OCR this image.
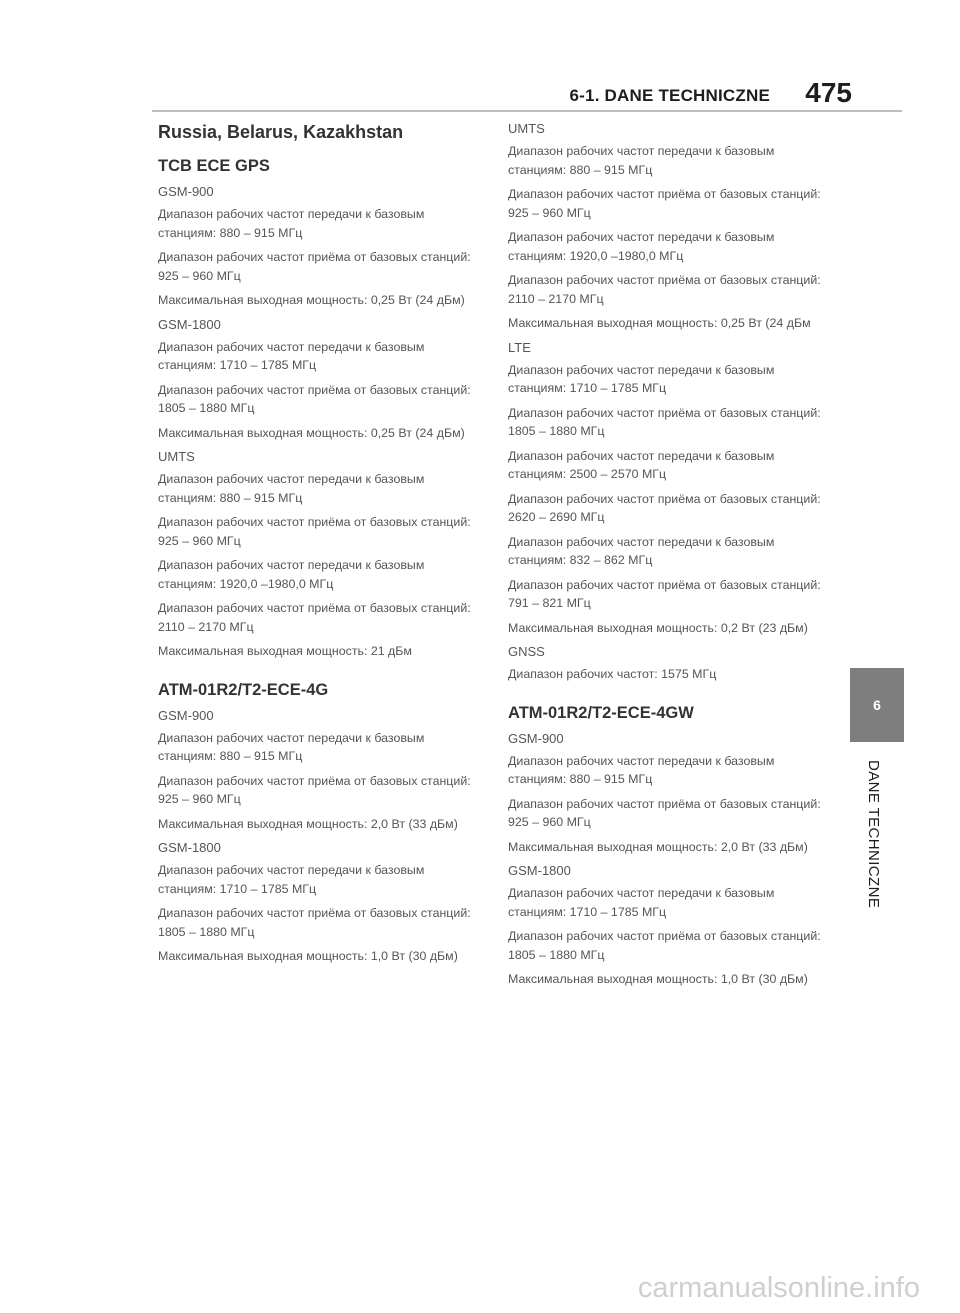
6-1. DANE TECHNICZNE 475
Russia, Belarus, Kazakhstan
TCB ECE GPS
GSM-900
Диапазон рабочих частот передачи к базовым станциям: 880 – 915 МГц
Диапазон рабочих частот приёма от базовых станций: 925 – 960 МГц
Максимальная выходная мощность: 0,25 Вт (24 дБм)
GSM-1800
Диапазон рабочих частот передачи к базовым станциям: 1710 – 1785 МГц
Диапазон рабочих частот приёма от базовых станций: 1805 – 1880 МГц
Максимальная выходная мощность: 0,25 Вт (24 дБм)
UMTS
Диапазон рабочих частот передачи к базовым станциям: 880 – 915 МГц
Диапазон рабочих частот приёма от базовых станций: 925 – 960 МГц
Диапазон рабочих частот передачи к базовым станциям: 1920,0 –1980,0 МГц
Диапазон рабочих частот приёма от базовых станций: 2110 – 2170 МГц
Максимальная выходная мощность: 21 дБм
ATM-01R2/T2-ECE-4G
GSM-900
Диапазон рабочих частот передачи к базовым станциям: 880 – 915 МГц
Диапазон рабочих частот приёма от базовых станций: 925 – 960 МГц
Максимальная выходная мощность: 2,0 Вт (33 дБм)
GSM-1800
Диапазон рабочих частот передачи к базовым станциям: 1710 – 1785 МГц
Диапазон рабочих частот приёма от базовых станций: 1805 – 1880 МГц
Максимальная выходная мощность: 1,0 Вт (30 дБм)
UMTS
Диапазон рабочих частот передачи к базовым станциям: 880 – 915 МГц
Диапазон рабочих частот приёма от базовых станций: 925 – 960 МГц
Диапазон рабочих частот передачи к базовым станциям: 1920,0 –1980,0 МГц
Диапазон рабочих частот приёма от базовых станций: 2110 – 2170 МГц
Максимальная выходная мощность: 0,25 Вт (24 дБм
LTE
Диапазон рабочих частот передачи к базовым станциям: 1710 – 1785 МГц
Диапазон рабочих частот приёма от базовых станций: 1805 – 1880 МГц
Диапазон рабочих частот передачи к базовым станциям: 2500 – 2570 МГц
Диапазон рабочих частот приёма от базовых станций: 2620 – 2690 МГц
Диапазон рабочих частот передачи к базовым станциям: 832 – 862 МГц
Диапазон рабочих частот приёма от базовых станций: 791 – 821 МГц
Максимальная выходная мощность: 0,2 Вт (23 дБм)
GNSS
Диапазон рабочих частот: 1575 МГц
ATM-01R2/T2-ECE-4GW
GSM-900
Диапазон рабочих частот передачи к базовым станциям: 880 – 915 МГц
Диапазон рабочих частот приёма от базовых станций: 925 – 960 МГц
Максимальная выходная мощность: 2,0 Вт (33 дБм)
GSM-1800
Диапазон рабочих частот передачи к базовым станциям: 1710 – 1785 МГц
Диапазон рабочих частот приёма от базовых станций: 1805 – 1880 МГц
Максимальная выходная мощность: 1,0 Вт (30 дБм)
6
DANE TECHNICZNE
carmanualsonline.info
